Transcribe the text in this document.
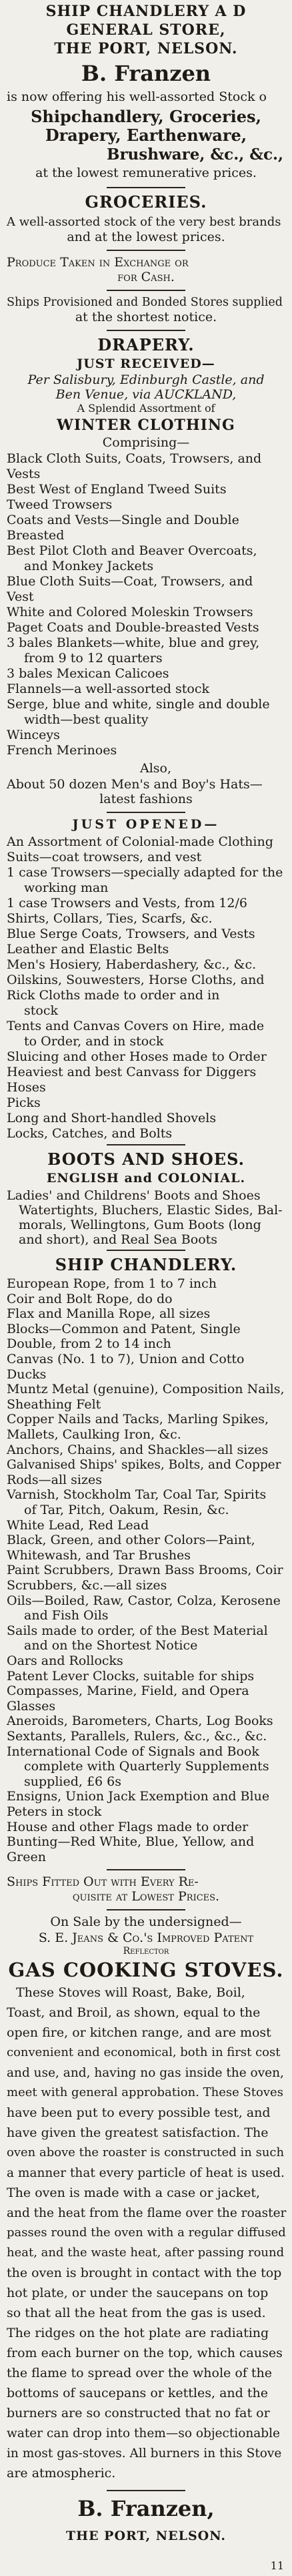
SHIP CHANDLERY A D
GENERAL STORE,
THE PORT, NELSON.
B. Franzen
is now offering his well-assorted Stock o
Shipchandlery, Groceries,
Drapery, Earthenware,
Brushware, &c., &c.,
at the lowest remunerative prices.
GROCERIES.
A well-assorted stock of the very best brands
and at the lowest prices.
Produce Taken in Exchange or
for Cash.
Ships Provisioned and Bonded Stores supplied
at the shortest notice.
DRAPERY.
JUST RECEIVED—
Per Salisbury, Edinburgh Castle, and
Ben Venue, via AUCKLAND,
A Splendid Assortment of
WINTER CLOTHING
Comprising—
Black Cloth Suits, Coats, Trowsers, and
Vests
Best West of England Tweed Suits
Tweed Trowsers
Coats and Vests—Single and Double
Breasted
Best Pilot Cloth and Beaver Overcoats,
and Monkey Jackets
Blue Cloth Suits—Coat, Trowsers, and
Vest
White and Colored Moleskin Trowsers
Paget Coats and Double-breasted Vests
3 bales Blankets—white, blue and grey,
from 9 to 12 quarters
3 bales Mexican Calicoes
Flannels—a well-assorted stock
Serge, blue and white, single and double
width—best quality
Winceys
French Merinoes
Also,
About 50 dozen Men's and Boy's Hats—
latest fashions
JUST OPENED—
An Assortment of Colonial-made Clothing
Suits—coat trowsers, and vest
1 case Trowsers—specially adapted for the
working man
1 case Trowsers and Vests, from 12/6
Shirts, Collars, Ties, Scarfs, &c.
Blue Serge Coats, Trowsers, and Vests
Leather and Elastic Belts
Men's Hosiery, Haberdashery, &c., &c.
Oilskins, Souwesters, Horse Cloths, and
Rick Cloths made to order and in
stock
Tents and Canvas Covers on Hire, made
to Order, and in stock
Sluicing and other Hoses made to Order
Heaviest and best Canvass for Diggers
Hoses
Picks
Long and Short-handled Shovels
Locks, Catches, and Bolts
BOOTS AND SHOES.
ENGLISH and COLONIAL.
Ladies' and Childrens' Boots and Shoes
Watertights, Bluchers, Elastic Sides, Bal-
morals, Wellingtons, Gum Boots (long
and short), and Real Sea Boots
SHIP CHANDLERY.
European Rope, from 1 to 7 inch
Coir and Bolt Rope, do do
Flax and Manilla Rope, all sizes
Blocks—Common and Patent, Single
Double, from 2 to 14 inch
Canvas (No. 1 to 7), Union and Cotto
Ducks
Muntz Metal (genuine), Composition Nails,
Sheathing Felt
Copper Nails and Tacks, Marling Spikes,
Mallets, Caulking Iron, &c.
Anchors, Chains, and Shackles—all sizes
Galvanised Ships' spikes, Bolts, and Copper
Rods—all sizes
Varnish, Stockholm Tar, Coal Tar, Spirits
of Tar, Pitch, Oakum, Resin, &c.
White Lead, Red Lead
Black, Green, and other Colors—Paint,
Whitewash, and Tar Brushes
Paint Scrubbers, Drawn Bass Brooms, Coir
Scrubbers, &c.—all sizes
Oils—Boiled, Raw, Castor, Colza, Kerosene
and Fish Oils
Sails made to order, of the Best Material
and on the Shortest Notice
Oars and Rollocks
Patent Lever Clocks, suitable for ships
Compasses, Marine, Field, and Opera
Glasses
Aneroids, Barometers, Charts, Log Books
Sextants, Parallels, Rulers, &c., &c., &c.
International Code of Signals and Book
complete with Quarterly Supplements
supplied, £6 6s
Ensigns, Union Jack Exemption and Blue
Peters in stock
House and other Flags made to order
Bunting—Red White, Blue, Yellow, and
Green
Ships Fitted Out with Every Re-
quisite at Lowest Prices.
On Sale by the undersigned—
S. E. Jeans & Co.'s Improved Patent
Reflector
GAS COOKING STOVES.
These Stoves will Roast, Bake, Boil,
Toast, and Broil, as shown, equal to the
open fire, or kitchen range, and are most
convenient and economical, both in first cost
and use, and, having no gas inside the oven,
meet with general approbation. These Stoves
have been put to every possible test, and
have given the greatest satisfaction. The
oven above the roaster is constructed in such
a manner that every particle of heat is used.
The oven is made with a case or jacket,
and the heat from the flame over the roaster
passes round the oven with a regular diffused
heat, and the waste heat, after passing round
the oven is brought in contact with the top
hot plate, or under the saucepans on top
so that all the heat from the gas is used.
The ridges on the hot plate are radiating
from each burner on the top, which causes
the flame to spread over the whole of the
bottoms of saucepans or kettles, and the
burners are so constructed that no fat or
water can drop into them—so objectionable
in most gas-stoves. All burners in this Stove
are atmospheric.
B. Franzen,
THE PORT, NELSON.
11
